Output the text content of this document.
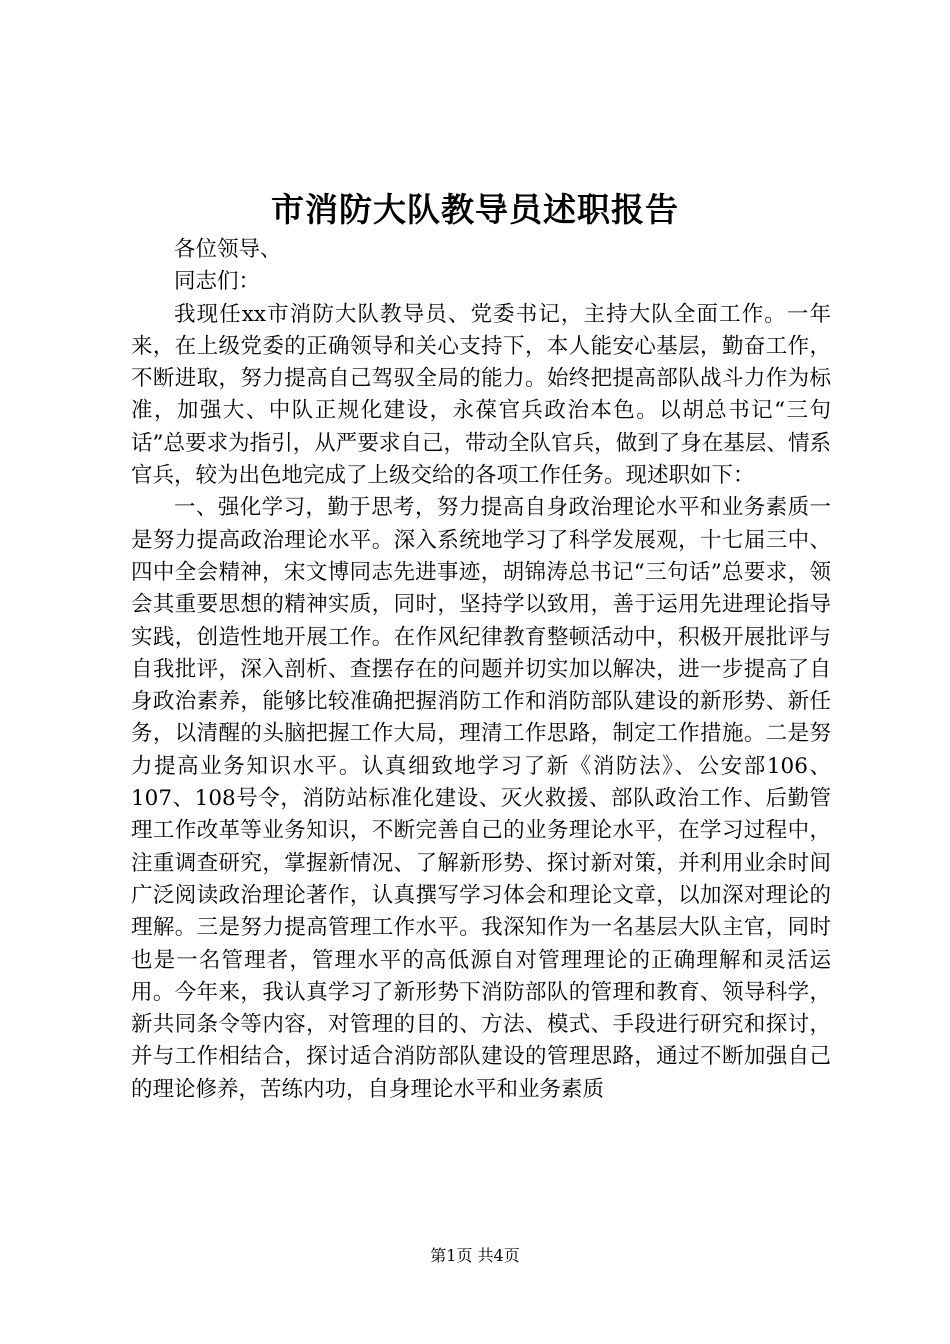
市消防大队教导员述职报告

各位领导、

同志们：

我现任xx市消防大队教导员、党委书记，主持大队全面工作。一年来，在上级党委的正确领导和关心支持下，本人能安心基层，勤奋工作，不断进取，努力提高自己驾驭全局的能力。始终把提高部队战斗力作为标准，加强大、中队正规化建设，永葆官兵政治本色。以胡总书记“三句话”总要求为指引，从严要求自己，带动全队官兵，做到了身在基层、情系官兵，较为出色地完成了上级交给的各项工作任务。现述职如下：

一、强化学习，勤于思考，努力提高自身政治理论水平和业务素质一是努力提高政治理论水平。深入系统地学习了科学发展观，十七届三中、四中全会精神，宋文博同志先进事迹，胡锦涛总书记“三句话”总要求，领会其重要思想的精神实质，同时，坚持学以致用，善于运用先进理论指导实践，创造性地开展工作。在作风纪律教育整顿活动中，积极开展批评与自我批评，深入剖析、查摆存在的问题并切实加以解决，进一步提高了自身政治素养，能够比较准确把握消防工作和消防部队建设的新形势、新任务，以清醒的头脑把握工作大局，理清工作思路，制定工作措施。二是努力提高业务知识水平。认真细致地学习了新《消防法》、公安部106、107、108号令，消防站标准化建设、灭火救援、部队政治工作、后勤管理工作改革等业务知识，不断完善自己的业务理论水平，在学习过程中，注重调查研究，掌握新情况、了解新形势、探讨新对策，并利用业余时间广泛阅读政治理论著作，认真撰写学习体会和理论文章，以加深对理论的理解。三是努力提高管理工作水平。我深知作为一名基层大队主官，同时也是一名管理者，管理水平的高低源自对管理理论的正确理解和灵活运用。今年来，我认真学习了新形势下消防部队的管理和教育、领导科学，新共同条令等内容，对管理的目的、方法、模式、手段进行研究和探讨，并与工作相结合，探讨适合消防部队建设的管理思路，通过不断加强自己的理论修养，苦练内功，自身理论水平和业务素质

第1页 共4页
